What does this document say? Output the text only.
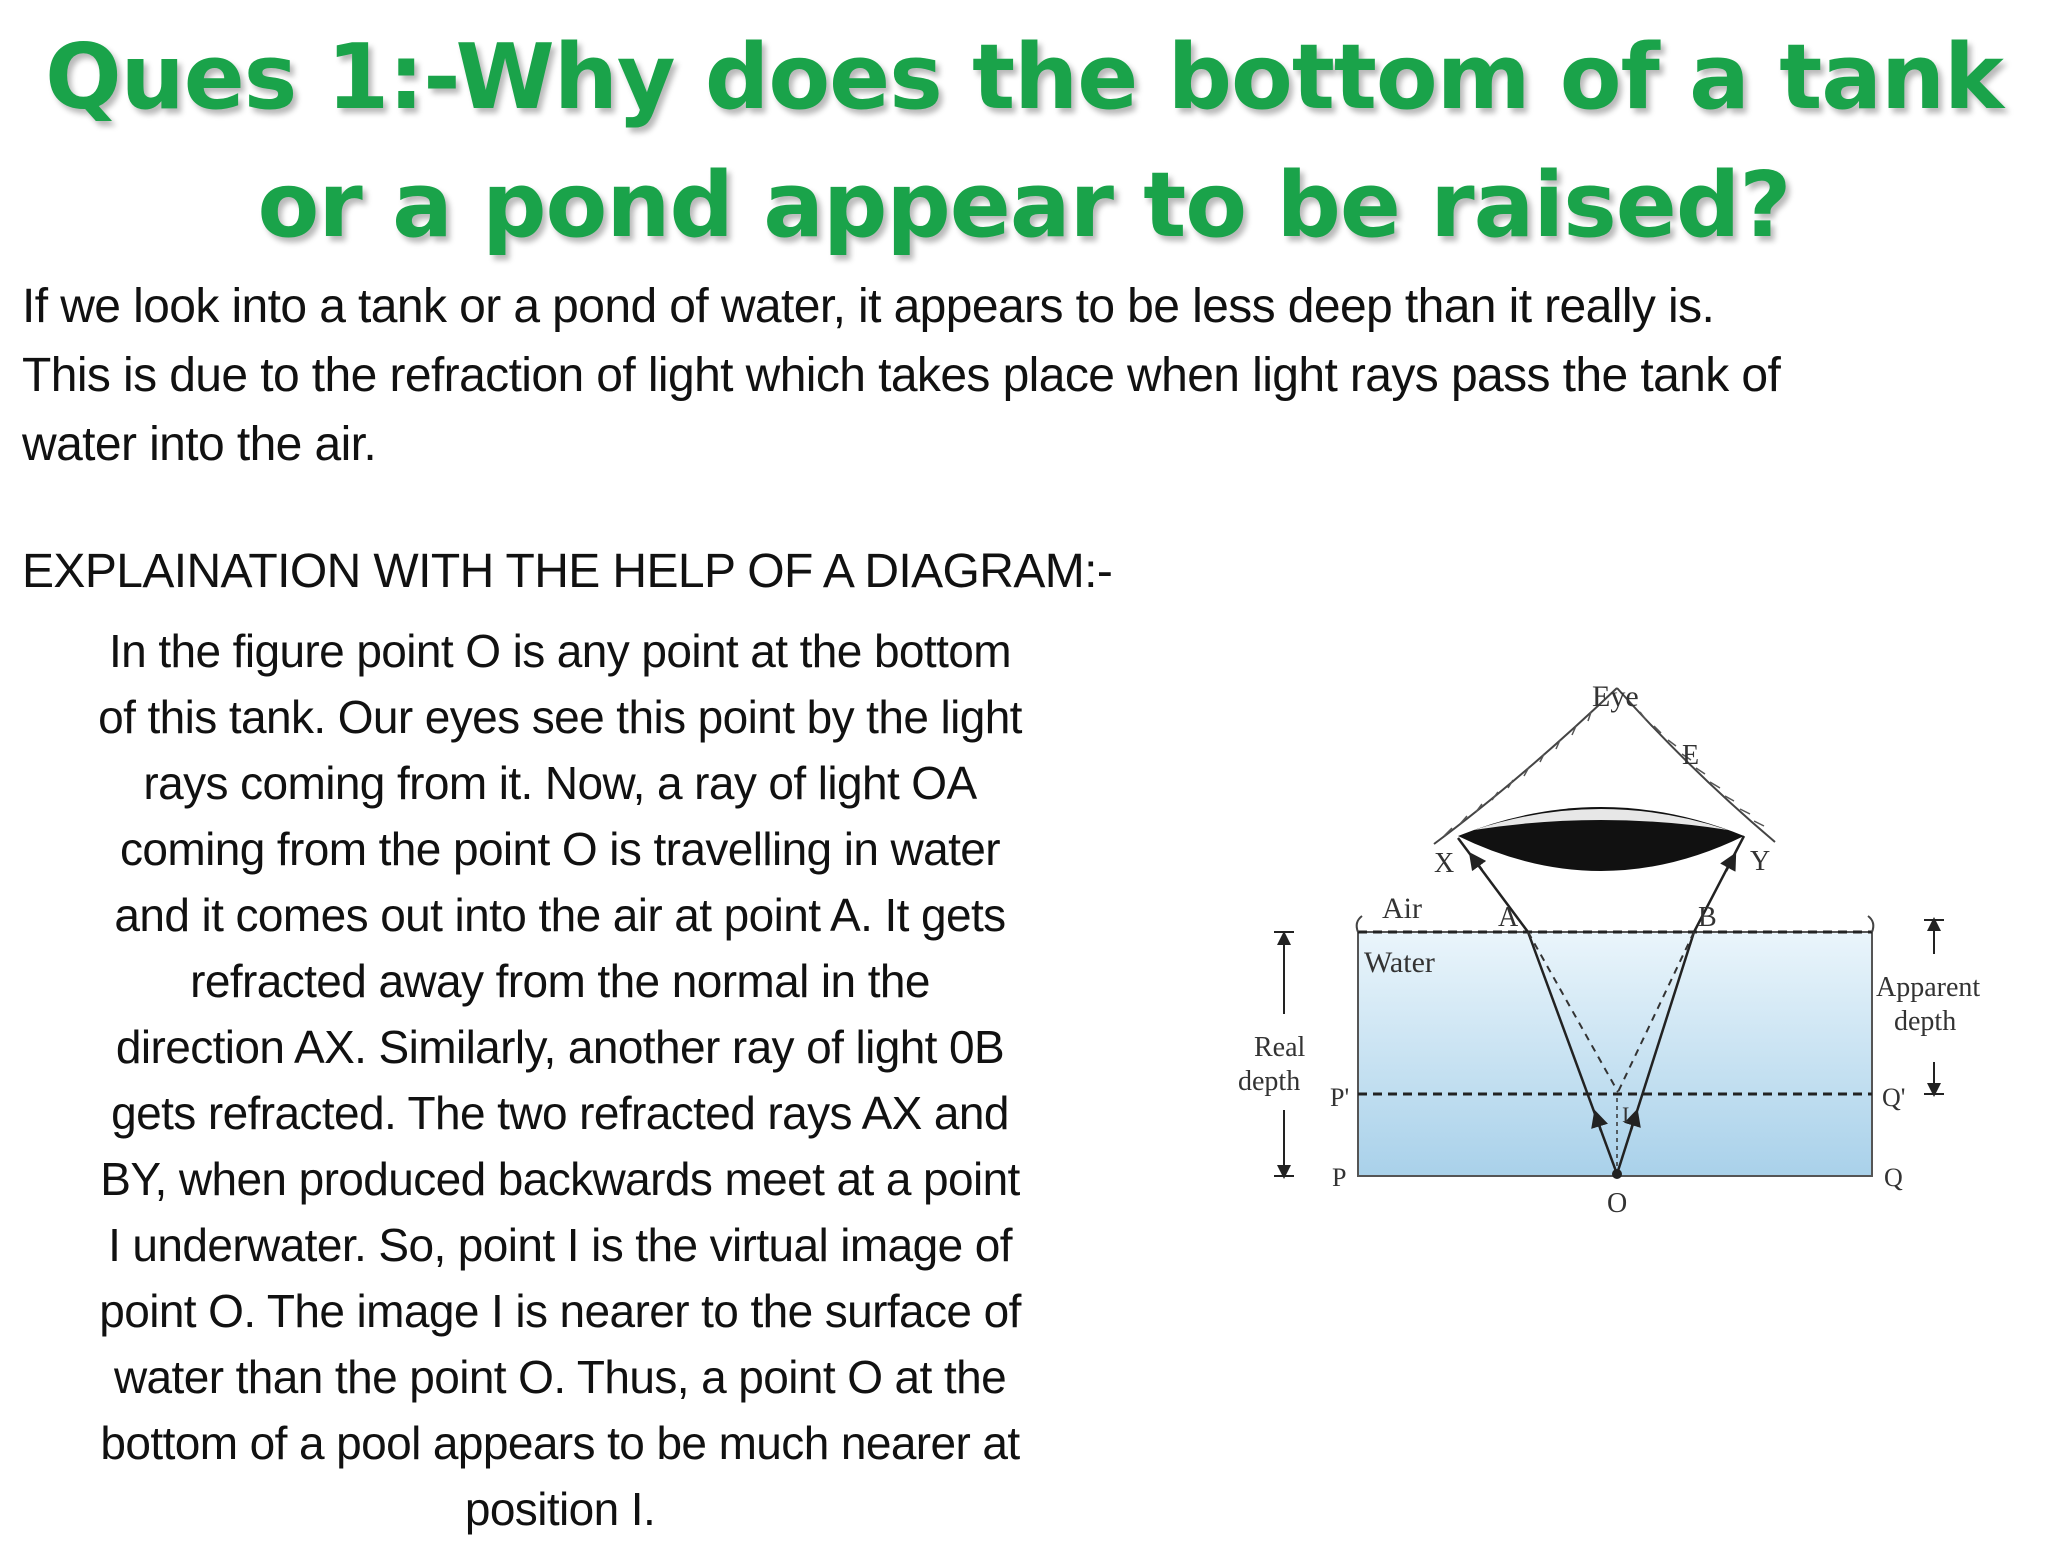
Ques 1:-Why does the bottom of a tank
or a pond appear to be raised?

If we look into a tank or a pond of water, it appears to be less deep than it really is.
This is due to the refraction of light which takes place when light rays pass the tank of
water into the air.

EXPLAINATION WITH THE HELP OF A DIAGRAM:-

In the figure point O is any point at the bottom
of this tank. Our eyes see this point by the light
rays coming from it. Now, a ray of light OA
coming from the point O is travelling in water
and it comes out into the air at point A. It gets
refracted away from the normal in the
direction AX. Similarly, another ray of light 0B
gets refracted. The two refracted rays AX and
BY, when produced backwards meet at a point
I underwater. So, point I is the virtual image of
point O. The image I is nearer to the surface of
water than the point O. Thus, a point O at the
bottom of a pool appears to be much nearer at
position I.

Eye
E
X	Y
A	B
Air
Water
Real
depth
Apparent
depth
P'
P
Q'
Q
O
I
